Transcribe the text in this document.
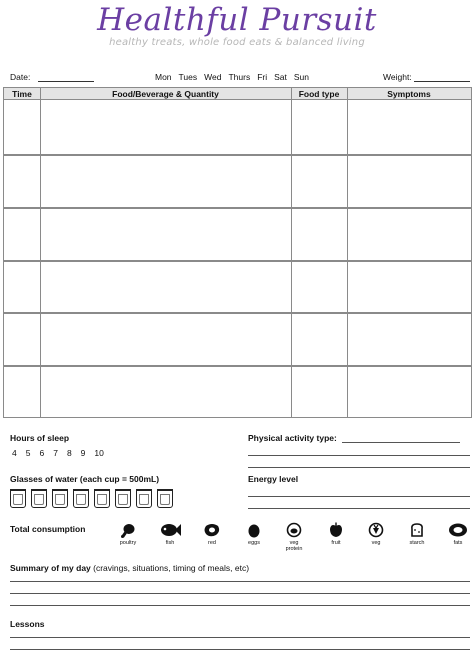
Healthful Pursuit
healthy treats, whole food eats & balanced living
Date:	Mon Tues Wed Thurs Fri Sat Sun	Weight:
Time	Food/Beverage & Quantity	Food type	Symptoms
Hours of sleep
4 5 6 7 8 9 10
Physical activity type:
Glasses of water (each cup = 500mL)	Energy level
Total consumption
poultry	fish	red	eggs	veg protein
fruit	veg	starch	fats
Summary of my day (cravings, situations, timing of meals, etc)
Lessons
